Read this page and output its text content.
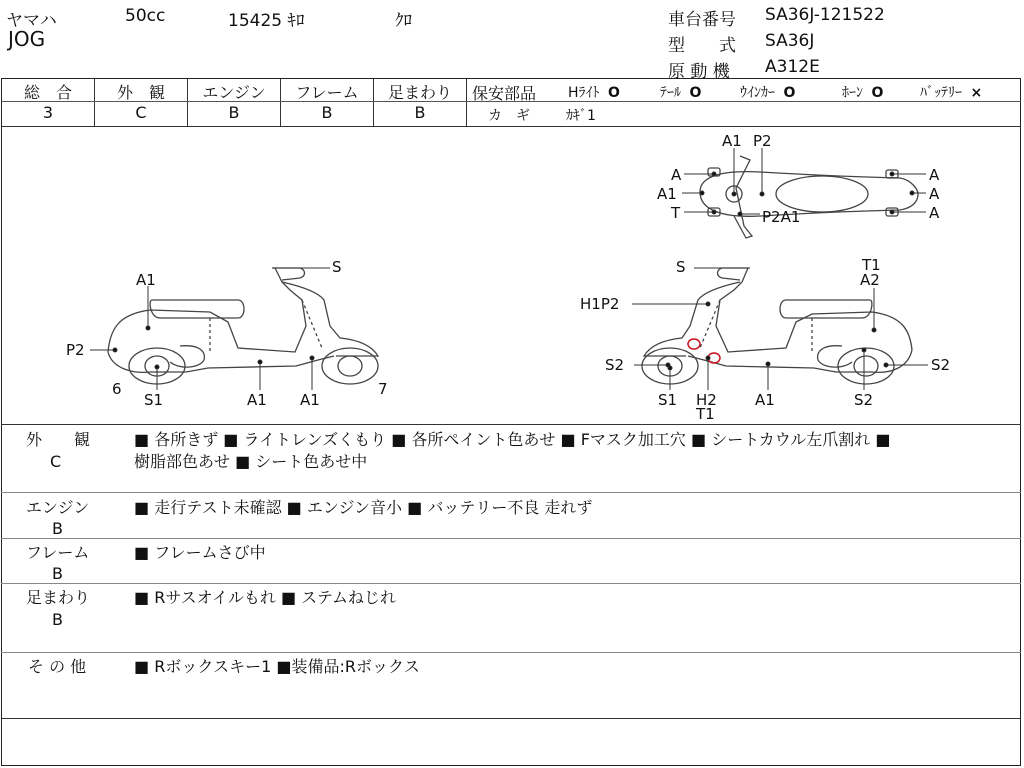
ヤマハ	50cc	15425 ｷﾛ	ｸﾛ
JOG
車台番号 SA36J-121522
型　　式 SA36J
原 動 機 A312E
総　合
3
外　観
C
エンジン
B
フレーム
B
足まわり
B
保安部品 Hﾗｲﾄ O	ﾃｰﾙ O	ｳｲﾝｶｰ O	ﾎｰﾝ O	ﾊﾞｯﾃﾘｰ ×
カ　ギ	ｶｷﾞ1
S
A1
P2
6
S1	A1 A1
7
A1 P2
A
A1
T	P2A1
A
A
A
S	T1
A2
H1P2
S2	S2
S1 H2
T1
A1	S2
外　　観
C
■ 各所きず ■ ライトレンズくもり ■ 各所ペイント色あせ ■ Fマスク加工穴 ■ シートカウル左爪割れ ■
樹脂部色あせ ■ シート色あせ中
エンジン
B
■ 走行テスト未確認 ■ エンジン音小 ■ バッテリー不良 走れず
フレーム
B
■ フレームさび中
足まわり
B
■ Rサスオイルもれ ■ ステムねじれ
そ の 他	■ Rボックスキー1 ■装備品:Rボックス
